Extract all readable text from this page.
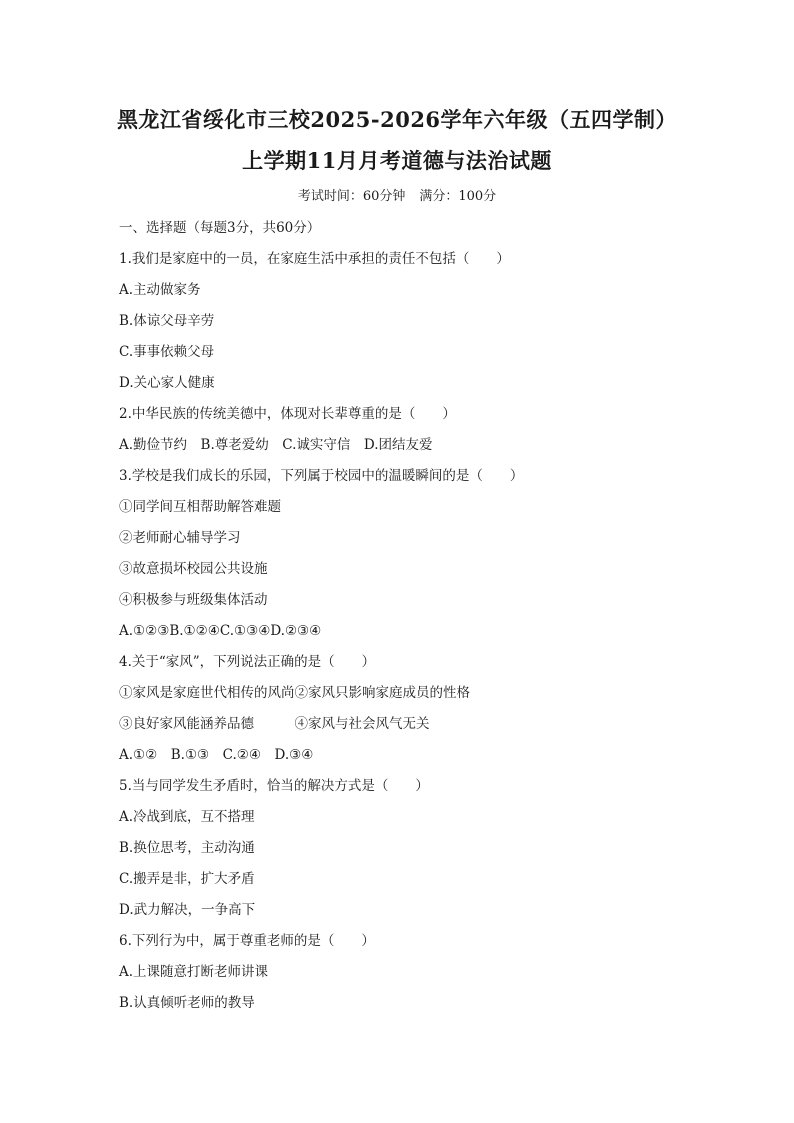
黑龙江省绥化市三校2025-2026学年六年级（五四学制）
上学期11月月考道德与法治试题
考试时间：60分钟 满分：100分
一、选择题（每题3分，共60分）
1.我们是家庭中的一员，在家庭生活中承担的责任不包括（　　）
A.主动做家务
B.体谅父母辛劳
C.事事依赖父母
D.关心家人健康
2.中华民族的传统美德中，体现对长辈尊重的是（　　）
A.勤俭节约　B.尊老爱幼　C.诚实守信　D.团结友爱
3.学校是我们成长的乐园，下列属于校园中的温暖瞬间的是（　　）
①同学间互相帮助解答难题
②老师耐心辅导学习
③故意损坏校园公共设施
④积极参与班级集体活动
A.①②③B.①②④C.①③④D.②③④
4.关于“家风”，下列说法正确的是（　　）
①家风是家庭世代相传的风尚②家风只影响家庭成员的性格
③良好家风能涵养品德　　　④家风与社会风气无关
A.①②　B.①③　C.②④　D.③④
5.当与同学发生矛盾时，恰当的解决方式是（　　）
A.冷战到底，互不搭理
B.换位思考，主动沟通
C.搬弄是非，扩大矛盾
D.武力解决，一争高下
6.下列行为中，属于尊重老师的是（　　）
A.上课随意打断老师讲课
B.认真倾听老师的教导
